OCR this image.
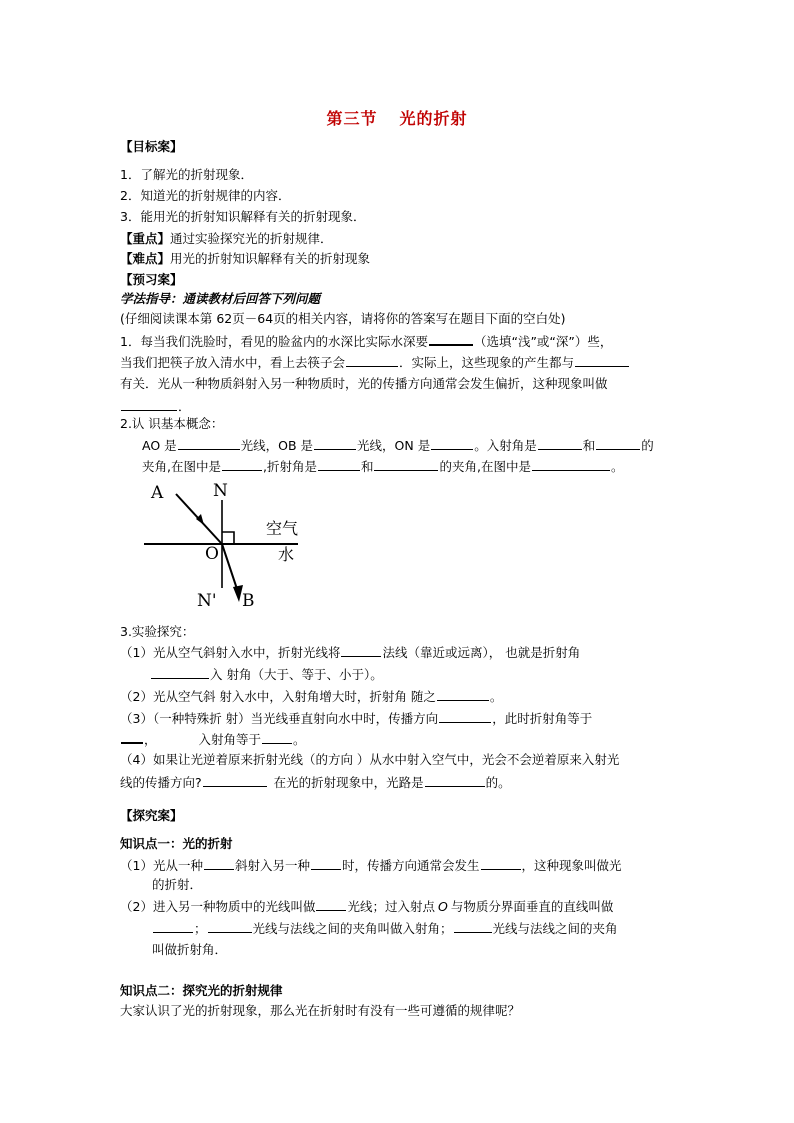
第三节 光的折射
【目标案】
1．了解光的折射现象．
2．知道光的折射规律的内容．
3．能用光的折射知识解释有关的折射现象．
【重点】通过实验探究光的折射规律．
【难点】用光的折射知识解释有关的折射现象
【预习案】
学法指导：通读教材后回答下列问题
(仔细阅读课本第 62页－64页的相关内容，请将你的答案写在题目下面的空白处)
1．每当我们洗脸时，看见的脸盆内的水深比实际水深要	（选填“浅”或“深”）些，
当我们把筷子放入清水中，看上去筷子会	．实际上，这些现象的产生都与
有关．光从一种物质斜射入另一种物质时，光的传播方向通常会发生偏折，这种现象叫做
．
2.认 识基本概念：
AO 是	光线，OB 是	光线，ON 是	。入射角是	和	的
夹角,在图中是	,折射角是	和	的夹角,在图中是	。
A	N
O
N' B
空气
水
3.实验探究：
（1）光从空气斜射入水中，折射光线将	法线（靠近或远离）， 也就是折射角
入 射角（大于、等于、小于）。
（2）光从空气斜 射入水中，入射角增大时，折射角 随之	。
（3）（一种特殊折 射）当光线垂直射向水中时，传播方向	，此时折射角等于
，	入射角等于	。
（4）如果让光逆着原来折射光线（的方向 ）从水中射入空气中，光会不会逆着原来入射光
线的传播方向?	在光的折射现象中，光路是	的。
【探究案】
知识点一：光的折射
（1）光从一种	斜射入另一种	时，传播方向通常会发生	，这种现象叫做光
的折射．
（2）进入另一种物质中的光线叫做	光线；过入射点 O 与物质分界面垂直的直线叫做
；	光线与法线之间的夹角叫做入射角；	光线与法线之间的夹角
叫做折射角．
知识点二：探究光的折射规律
大家认识了光的折射现象，那么光在折射时有没有一些可遵循的规律呢？
